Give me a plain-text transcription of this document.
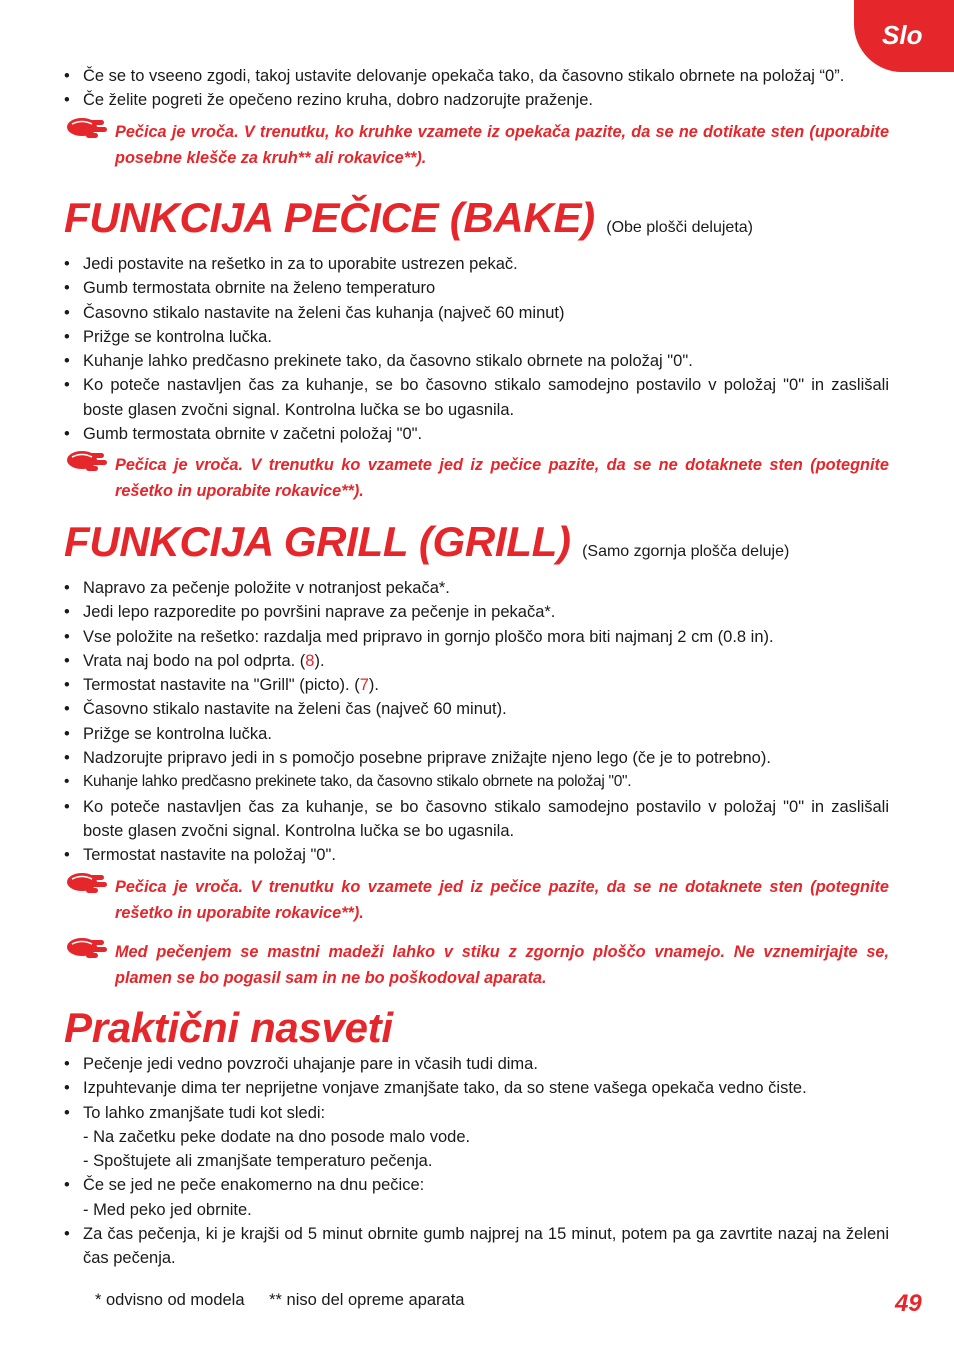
Slo
• Če se to vseeno zgodi, takoj ustavite delovanje opekača tako, da časovno stikalo obrnete na položaj “0”.
• Če želite pogreti že opečeno rezino kruha, dobro nadzorujte praženje.
Pečica je vroča. V trenutku, ko kruhke vzamete iz opekača pazite, da se ne dotikate sten (uporabite posebne klešče za kruh** ali rokavice**).
FUNKCIJA PEČICE (BAKE) (Obe plošči delujeta)
• Jedi postavite na rešetko in za to uporabite ustrezen pekač.
• Gumb termostata obrnite na želeno temperaturo
• Časovno stikalo nastavite na želeni čas kuhanja (največ 60 minut)
• Prižge se kontrolna lučka.
• Kuhanje lahko predčasno prekinete tako, da časovno stikalo obrnete na položaj "0".
• Ko poteče nastavljen čas za kuhanje, se bo časovno stikalo samodejno postavilo v položaj "0" in zaslišali boste glasen zvočni signal. Kontrolna lučka se bo ugasnila.
• Gumb termostata obrnite v začetni položaj "0".
Pečica je vroča. V trenutku ko vzamete jed iz pečice pazite, da se ne dotaknete sten (potegnite rešetko in uporabite rokavice**).
FUNKCIJA GRILL (GRILL) (Samo zgornja plošča deluje)
• Napravo za pečenje položite v notranjost pekača*.
• Jedi lepo razporedite po površini naprave za pečenje in pekača*.
• Vse položite na rešetko: razdalja med pripravo in gornjo ploščo mora biti najmanj 2 cm (0.8 in).
• Vrata naj bodo na pol odprta. (8).
• Termostat nastavite na "Grill" (picto). (7).
• Časovno stikalo nastavite na želeni čas (največ 60 minut).
• Prižge se kontrolna lučka.
• Nadzorujte pripravo jedi in s pomočjo posebne priprave znižajte njeno lego (če je to potrebno).
• Kuhanje lahko predčasno prekinete tako, da časovno stikalo obrnete na položaj "0".
• Ko poteče nastavljen čas za kuhanje, se bo časovno stikalo samodejno postavilo v položaj "0" in zaslišali boste glasen zvočni signal. Kontrolna lučka se bo ugasnila.
• Termostat nastavite na položaj "0".
Pečica je vroča. V trenutku ko vzamete jed iz pečice pazite, da se ne dotaknete sten (potegnite rešetko in uporabite rokavice**).
Med pečenjem se mastni madeži lahko v stiku z zgornjo ploščo vnamejo. Ne vznemirjajte se, plamen se bo pogasil sam in ne bo poškodoval aparata.
Praktični nasveti
• Pečenje jedi vedno povzroči uhajanje pare in včasih tudi dima.
• Izpuhtevanje dima ter neprijetne vonjave zmanjšate tako, da so stene vašega opekača vedno čiste.
• To lahko zmanjšate tudi kot sledi:
- Na začetku peke dodate na dno posode malo vode.
- Spoštujete ali zmanjšate temperaturo pečenja.
• Če se jed ne peče enakomerno na dnu pečice:
- Med peko jed obrnite.
• Za čas pečenja, ki je krajši od 5 minut obrnite gumb najprej na 15 minut, potem pa ga zavrtite nazaj na želeni čas pečenja.
* odvisno od modela ** niso del opreme aparata	49
